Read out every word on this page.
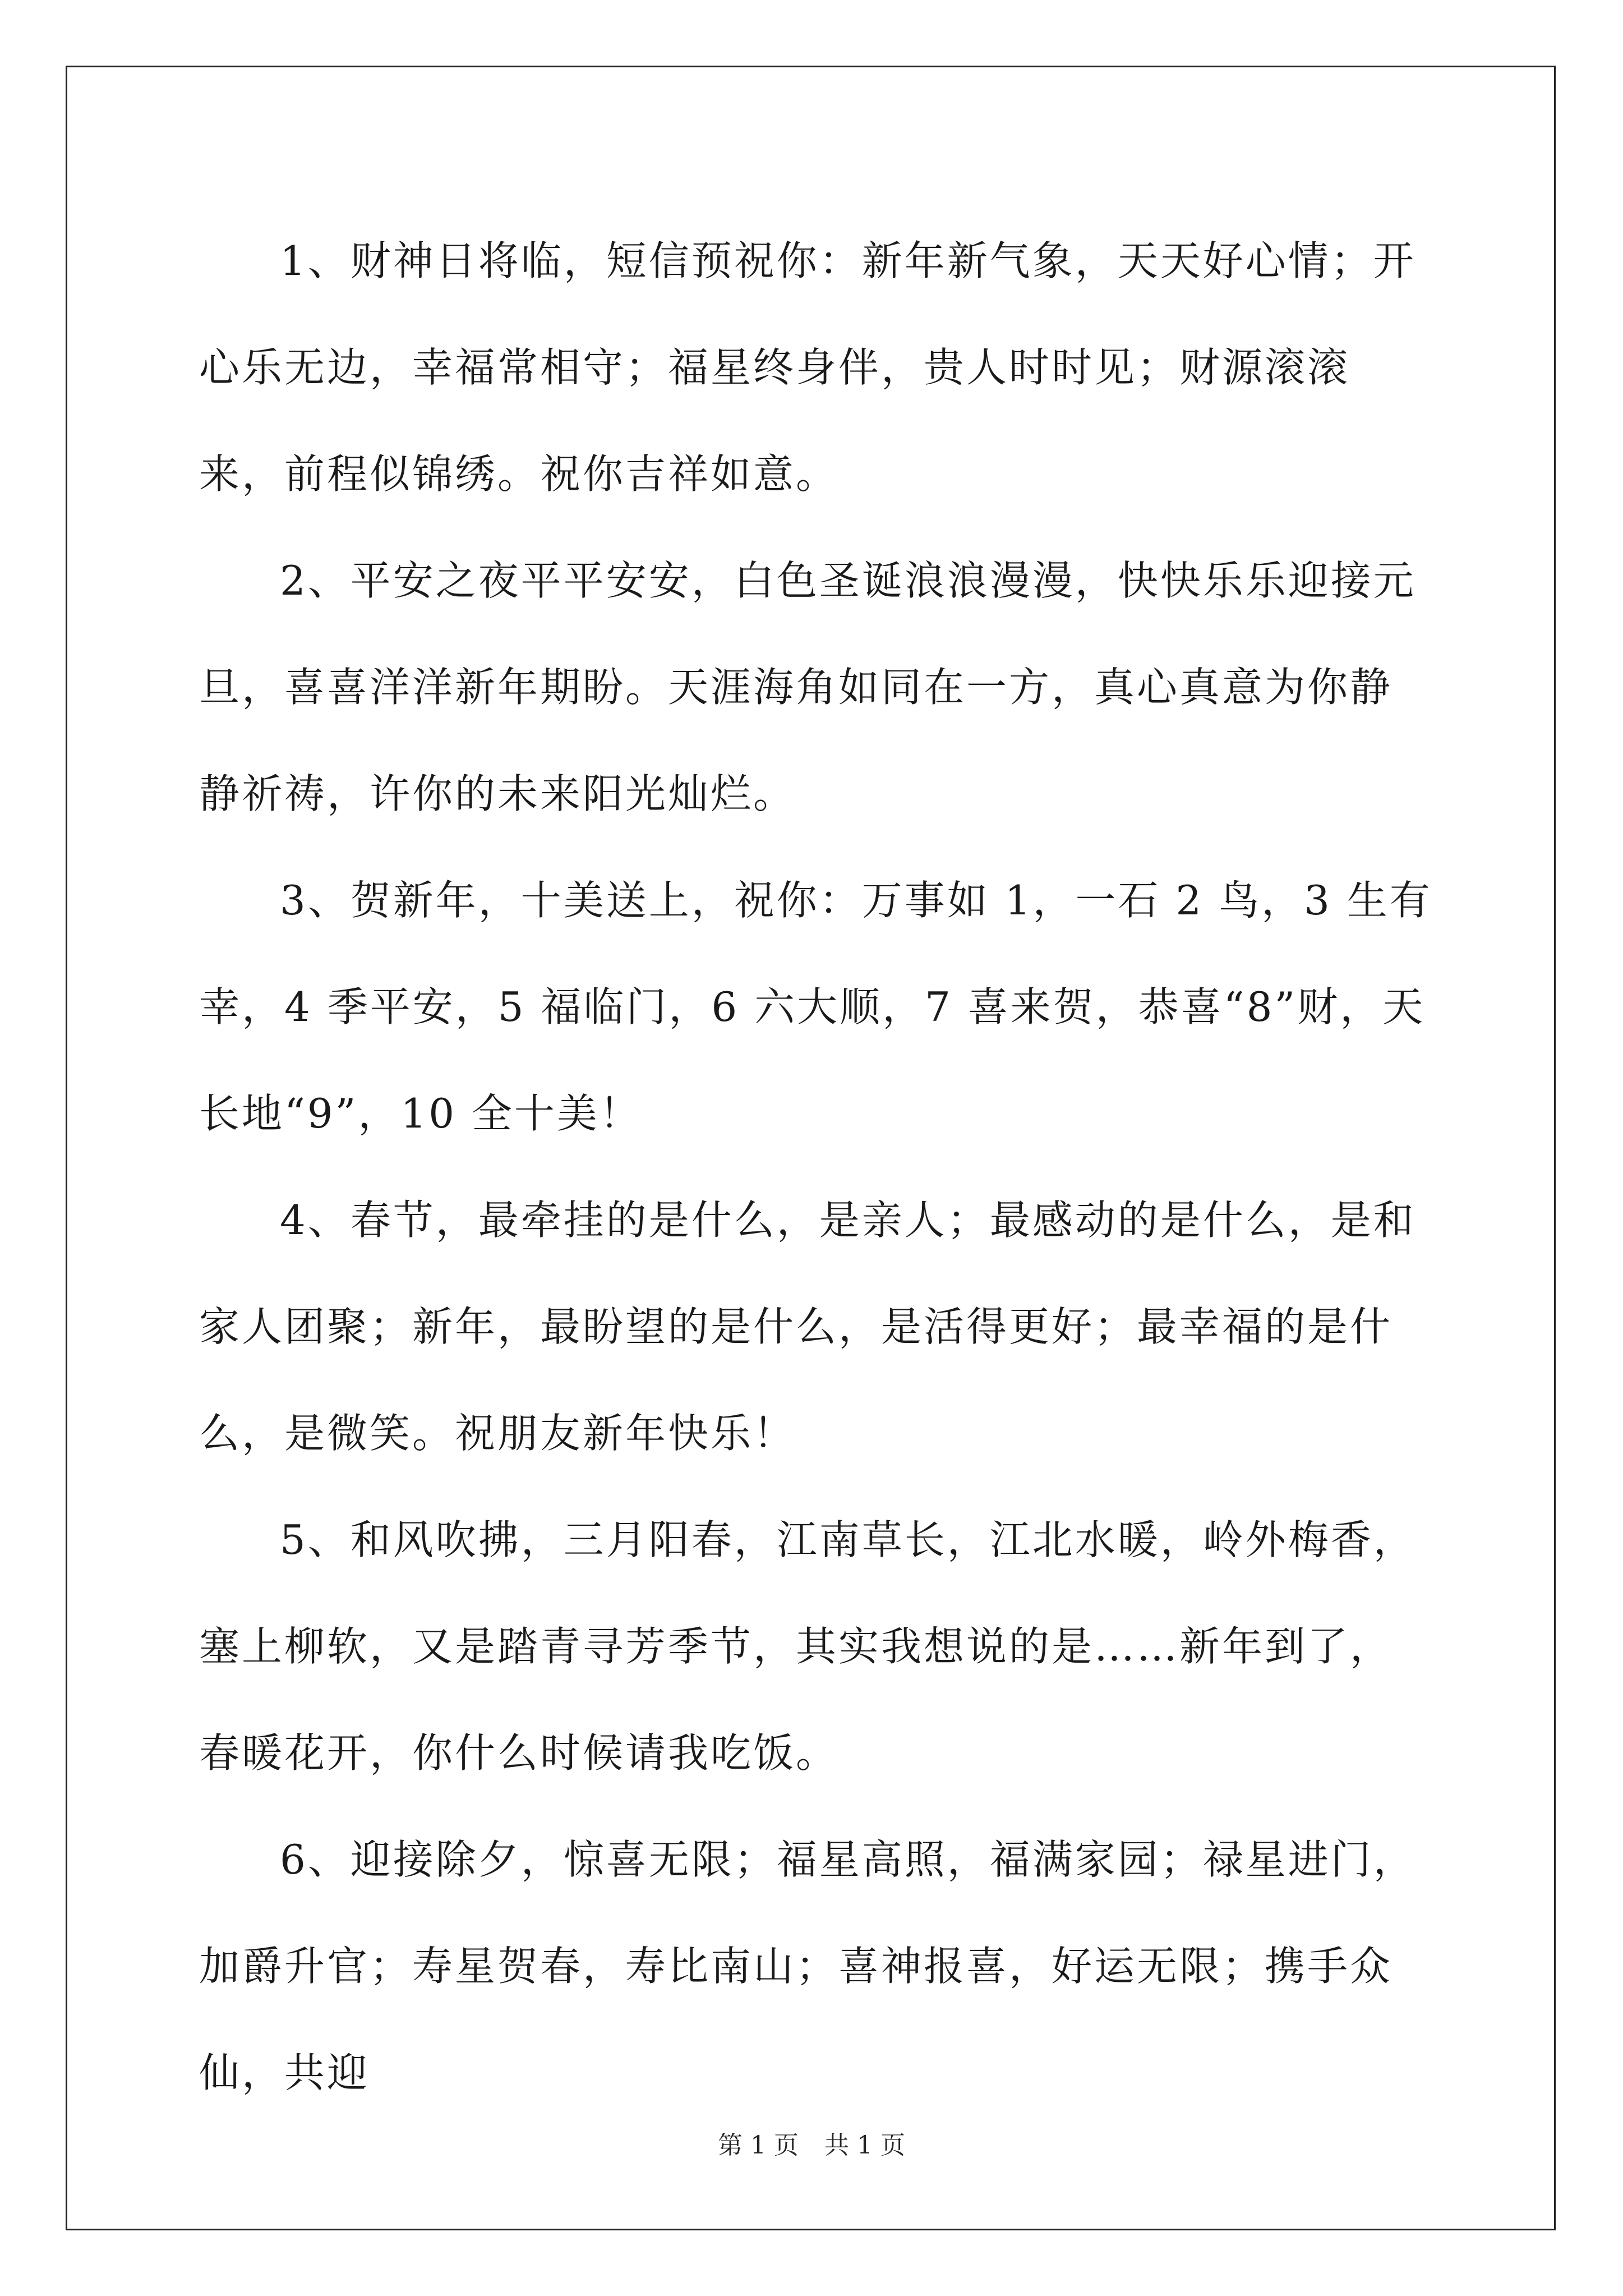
1、财神日将临，短信预祝你：新年新气象，天天好心情；开心乐无边，幸福常相守；福星终身伴，贵人时时见；财源滚滚来，前程似锦绣。祝你吉祥如意。

2、平安之夜平平安安，白色圣诞浪浪漫漫，快快乐乐迎接元旦，喜喜洋洋新年期盼。天涯海角如同在一方，真心真意为你静静祈祷，许你的未来阳光灿烂。

3、贺新年，十美送上，祝你：万事如 1，一石 2 鸟，3 生有幸，4 季平安，5 福临门，6 六大顺，7 喜来贺，恭喜“8”财，天长地“9”，10 全十美！

4、春节，最牵挂的是什么，是亲人；最感动的是什么，是和家人团聚；新年，最盼望的是什么，是活得更好；最幸福的是什么，是微笑。祝朋友新年快乐！

5、和风吹拂，三月阳春，江南草长，江北水暖，岭外梅香，塞上柳软，又是踏青寻芳季节，其实我想说的是……新年到了，春暖花开，你什么时候请我吃饭。

6、迎接除夕，惊喜无限；福星高照，福满家园；禄星进门，加爵升官；寿星贺春，寿比南山；喜神报喜，好运无限；携手众仙，共迎

第 1 页 共 1 页
